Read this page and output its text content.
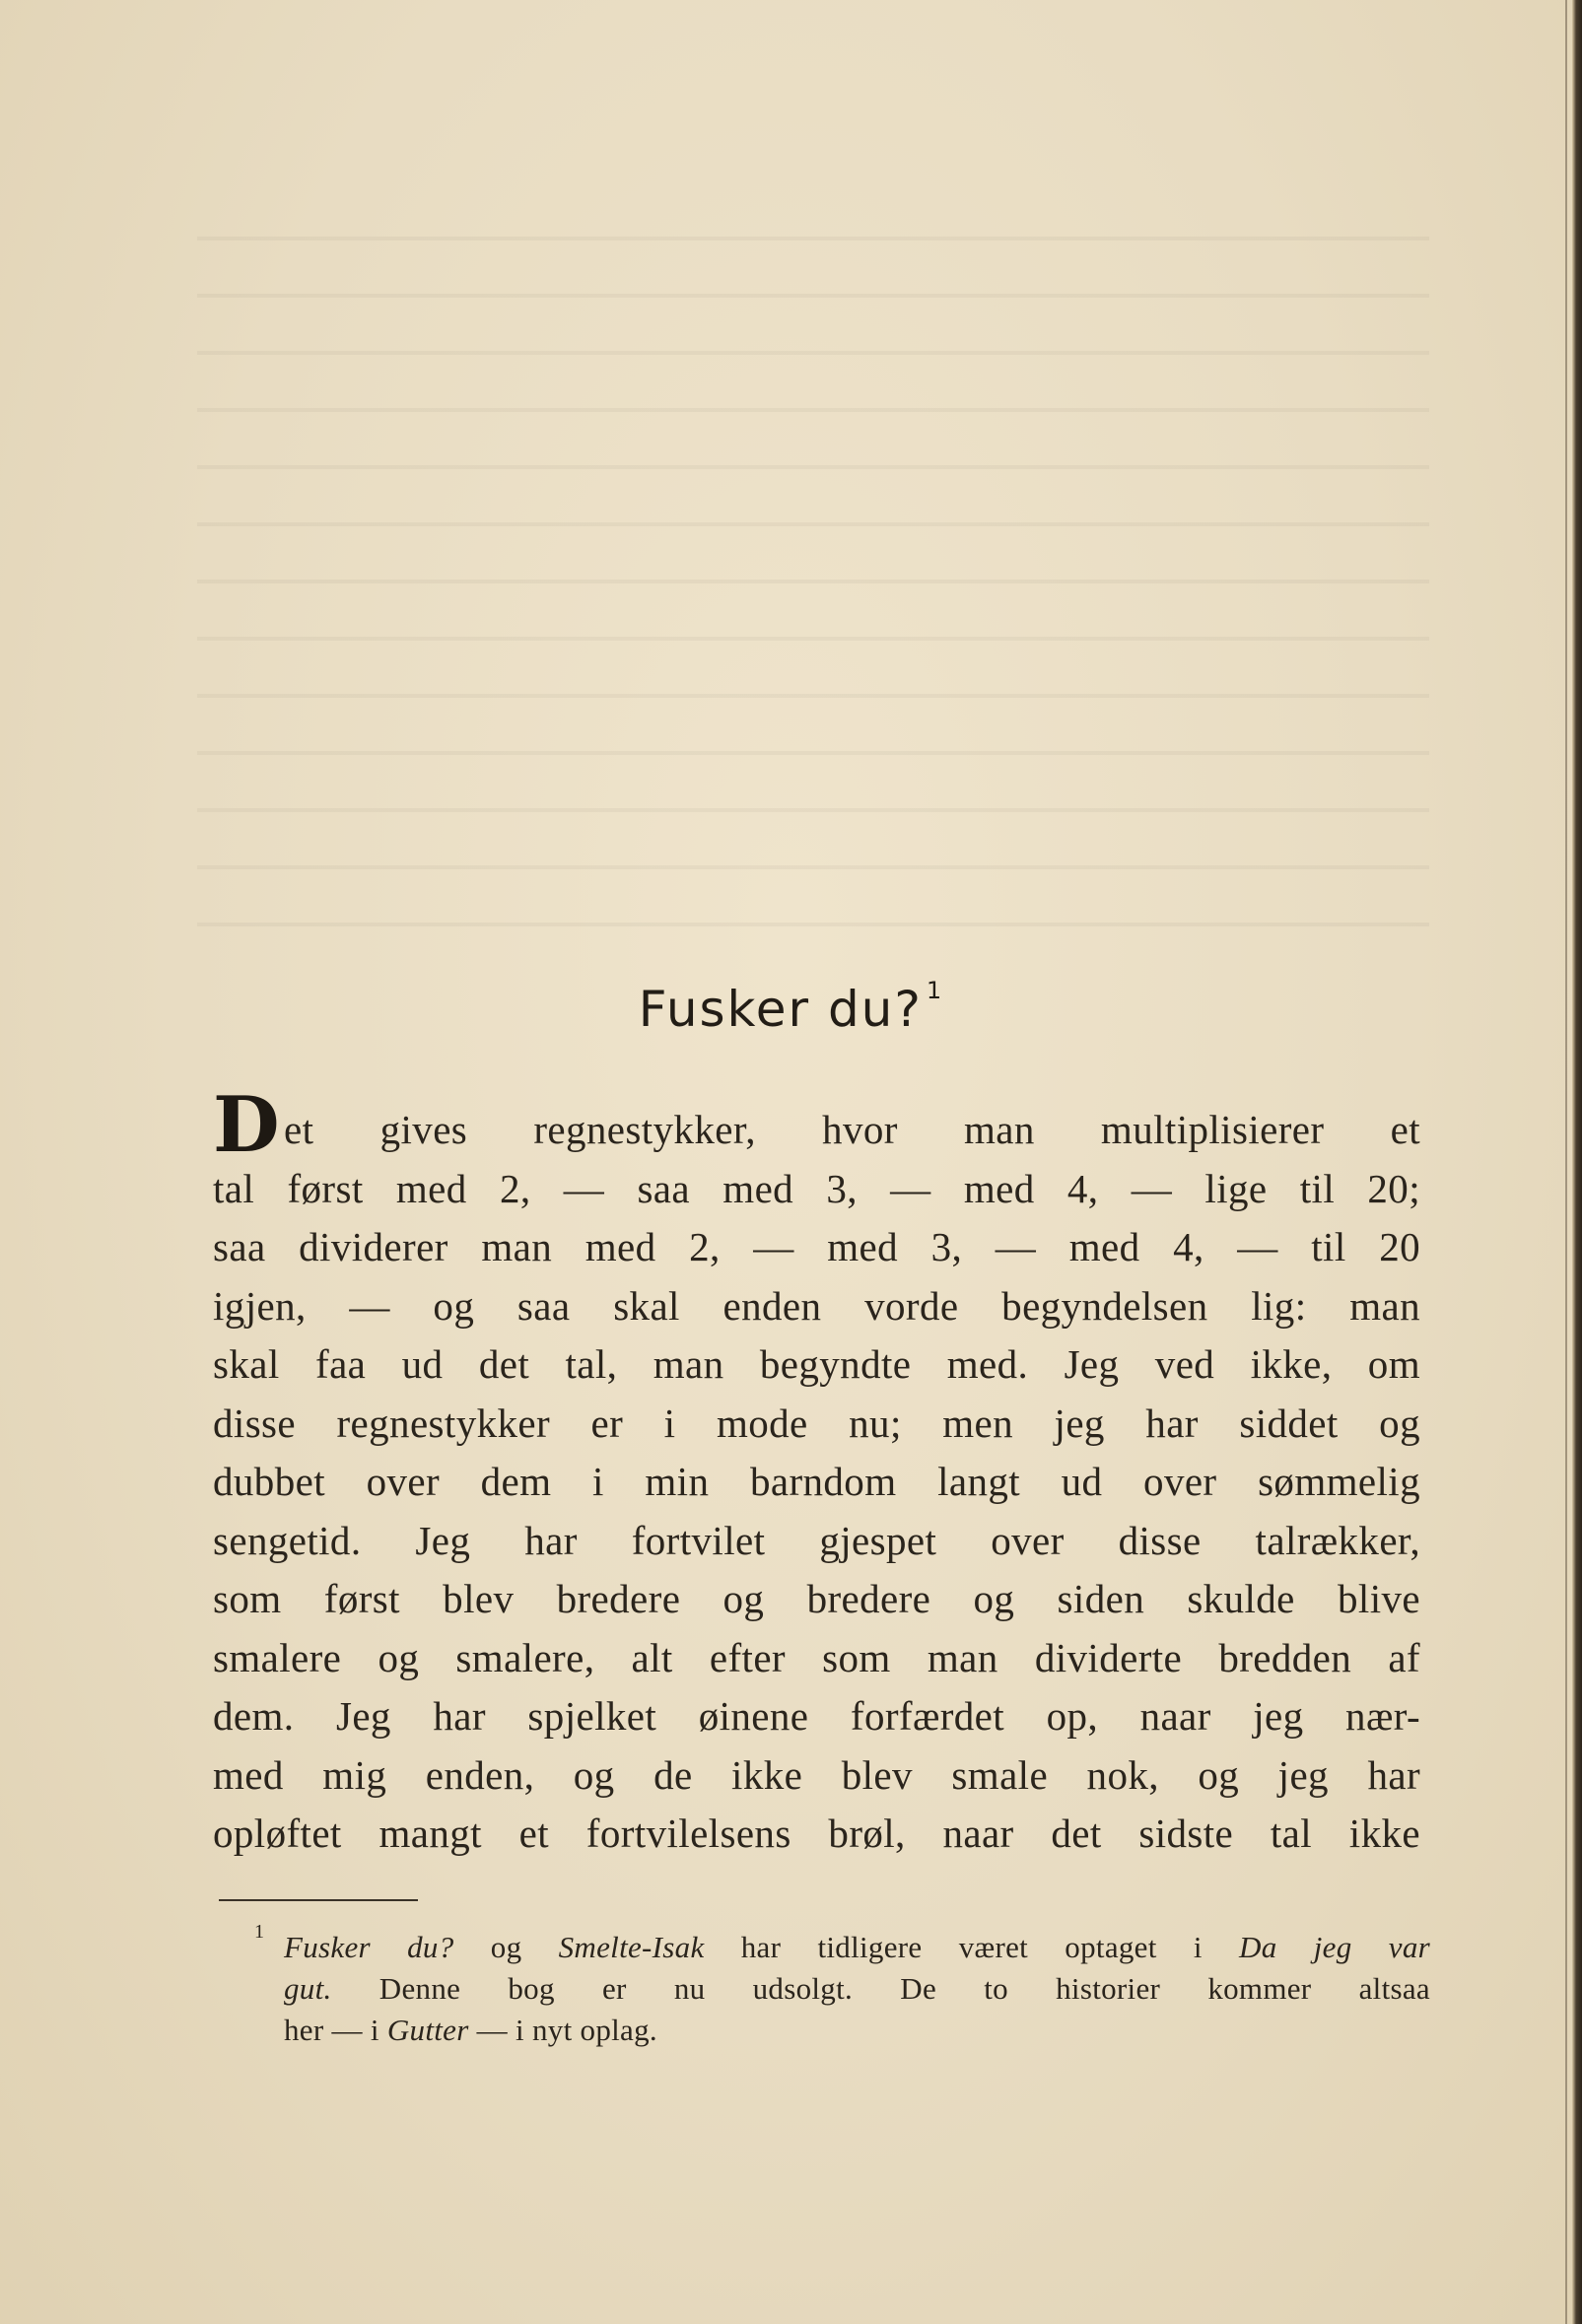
Fusker du? $^1$
Det gives regnestykker, hvor man multiplisierer et
tal først med 2, — saa med 3, — med 4, — lige til 20;
saa dividerer man med 2, — med 3, — med 4, — til 20
igjen, — og saa skal enden vorde begyndelsen lig: man
skal faa ud det tal, man begyndte med. Jeg ved ikke, om
disse regnestykker er i mode nu; men jeg har siddet og
dubbet over dem i min barndom langt ud over sømmelig
sengetid. Jeg har fortvilet gjespet over disse talrækker,
som først blev bredere og bredere og siden skulde blive
smalere og smalere, alt efter som man dividerte bredden af
dem. Jeg har spjelket øinene forfærdet op, naar jeg nær-
med mig enden, og de ikke blev smale nok, og jeg har
opløftet mangt et fortvilelsens brøl, naar det sidste tal ikke
1 Fusker du? og Smelte-Isak har tidligere været optaget i Da jeg var
gut. Denne bog er nu udsolgt. De to historier kommer altsaa
her — i Gutter — i nyt oplag.
